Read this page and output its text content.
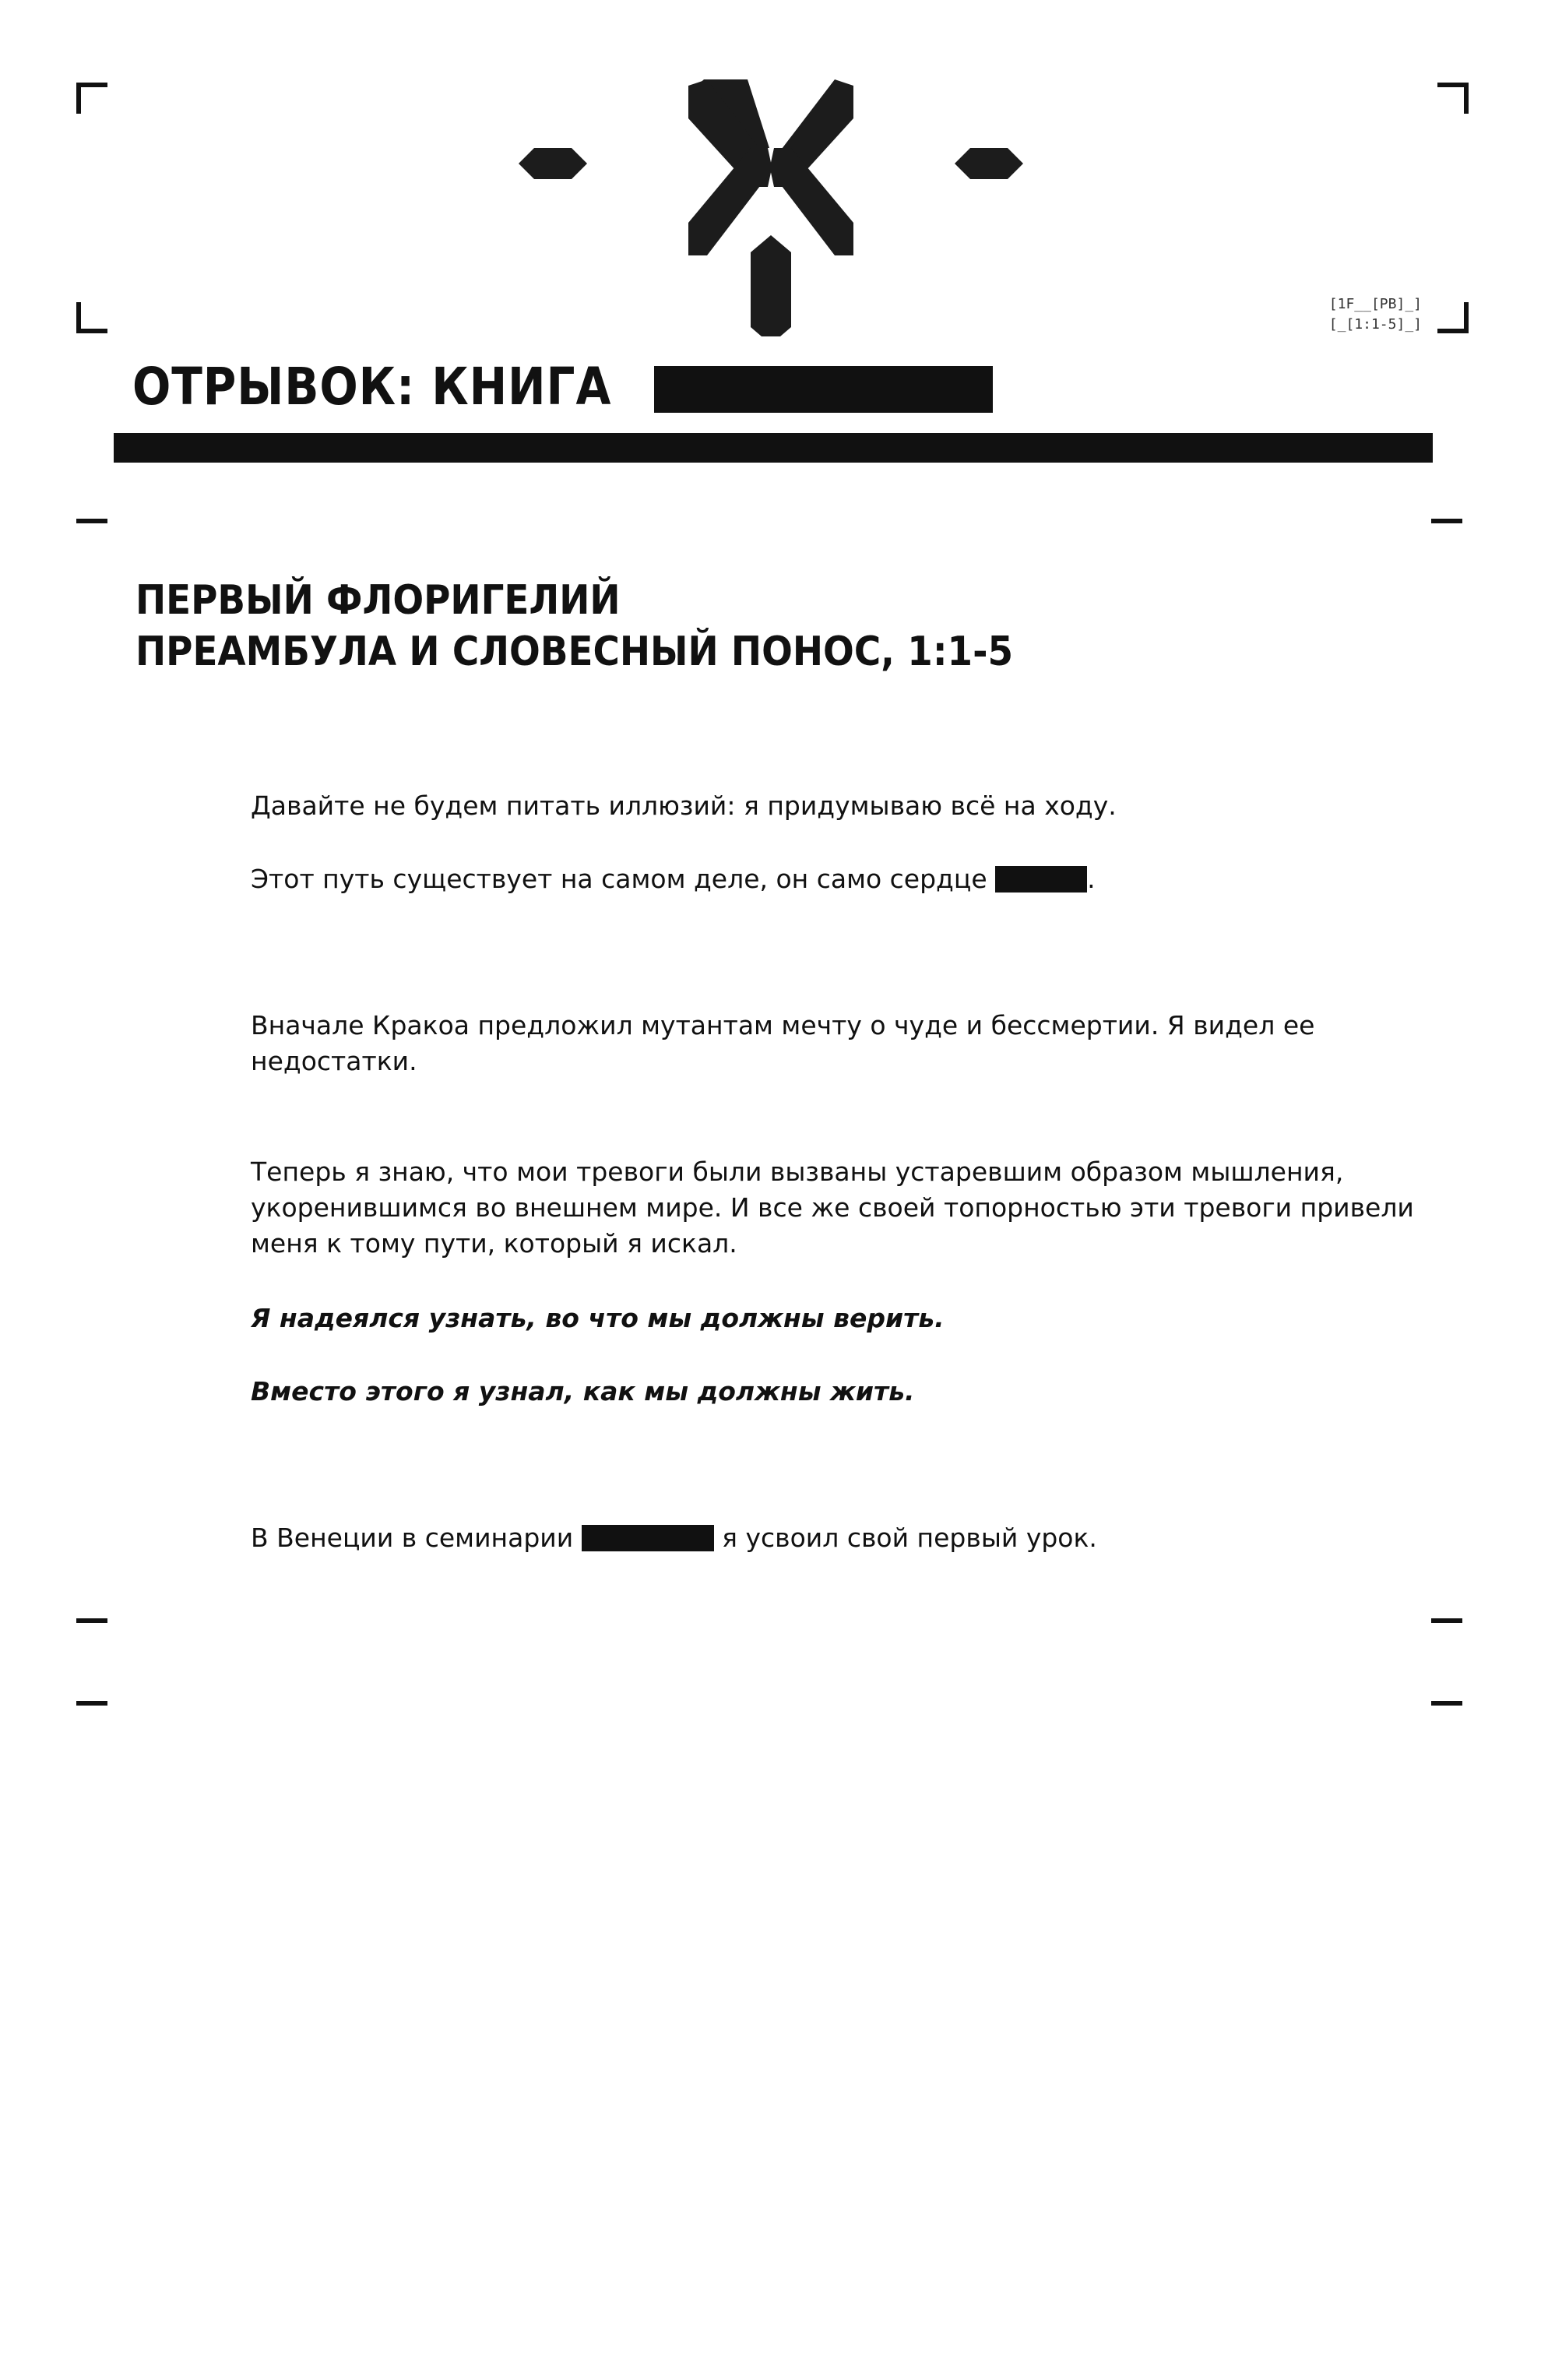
[1F__[PB]_]
[_[1:1-5]_]
ОТРЫВОК: КНИГА
ПЕРВЫЙ ФЛОРИГЕЛИЙ
ПРЕАМБУЛА И СЛОВЕСНЫЙ ПОНОС, 1:1-5

Давайте не будем питать иллюзий: я придумываю всё на ходу.

Этот путь существует на самом деле, он само сердце	.

Вначале Кракоа предложил мутантам мечту о чуде и бессмертии. Я видел ее недостатки.

Теперь я знаю, что мои тревоги были вызваны устаревшим образом мышления, укоренившимся во внешнем мире. И все же своей топорностью эти тревоги привели меня к тому пути, который я искал.

Я надеялся узнать, во что мы должны верить.

Вместо этого я узнал, как мы должны жить.

В Венеции в семинарии	я усвоил свой первый урок.
